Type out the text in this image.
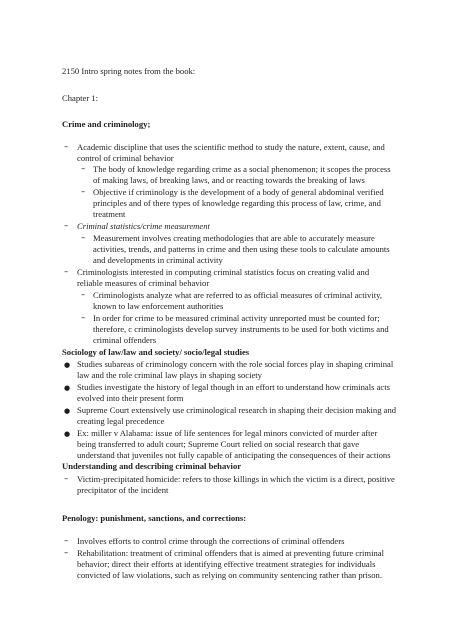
2150 Intro spring notes from the book:
Chapter 1:
Crime and criminology;
– Academic discipline that uses the scientific method to study the nature, extent, cause, and
control of criminal behavior
– The body of knowledge regarding crime as a social phenomenon; it scopes the process
of making laws, of breaking laws, and or reacting towards the breaking of laws
– Objective if criminology is the development of a body of general abdominal verified
principles and of there types of knowledge regarding this process of law, crime, and
treatment
– Criminal statistics/crime measurement
– Measurement involves creating methodologies that are able to accurately measure
activities, trends, and patterns in crime and then using these tools to calculate amounts
and developments in criminal activity
– Criminologists interested in computing criminal statistics focus on creating valid and
reliable measures of criminal behavior
– Criminologists analyze what are referred to as official measures of criminal activity,
known to law enforcement authorities
– In order for crime to be measured criminal activity unreported must be counted for;
therefore, c criminologists develop survey instruments to be used for both victims and
criminal offenders
Sociology of law/law and society/ socio/legal studies
● Studies subareas of criminology concern with the role social forces play in shaping criminal
law and the role criminal law plays in shaping society
● Studies investigate the history of legal though in an effort to understand how criminals acts
evolved into their present form
● Supreme Court extensively use criminological research in shaping their decision making and
creating legal precedence
● Ex: miller v Alabama: issue of life sentences for legal minors convicted of murder after
being transferred to adult court; Supreme Court relied on social research that gave
understand that juveniles not fully capable of anticipating the consequences of their actions
Understanding and describing criminal behavior
– Victim-precipitated homicide: refers to those killings in which the victim is a direct, positive
precipitator of the incident
Penology: punishment, sanctions, and corrections:
– Involves efforts to control crime through the corrections of criminal offenders
– Rehabilitation: treatment of criminal offenders that is aimed at preventing future criminal
behavior; direct their efforts at identifying effective treatment strategies for individuals
convicted of law violations, such as relying on community sentencing rather than prison.
